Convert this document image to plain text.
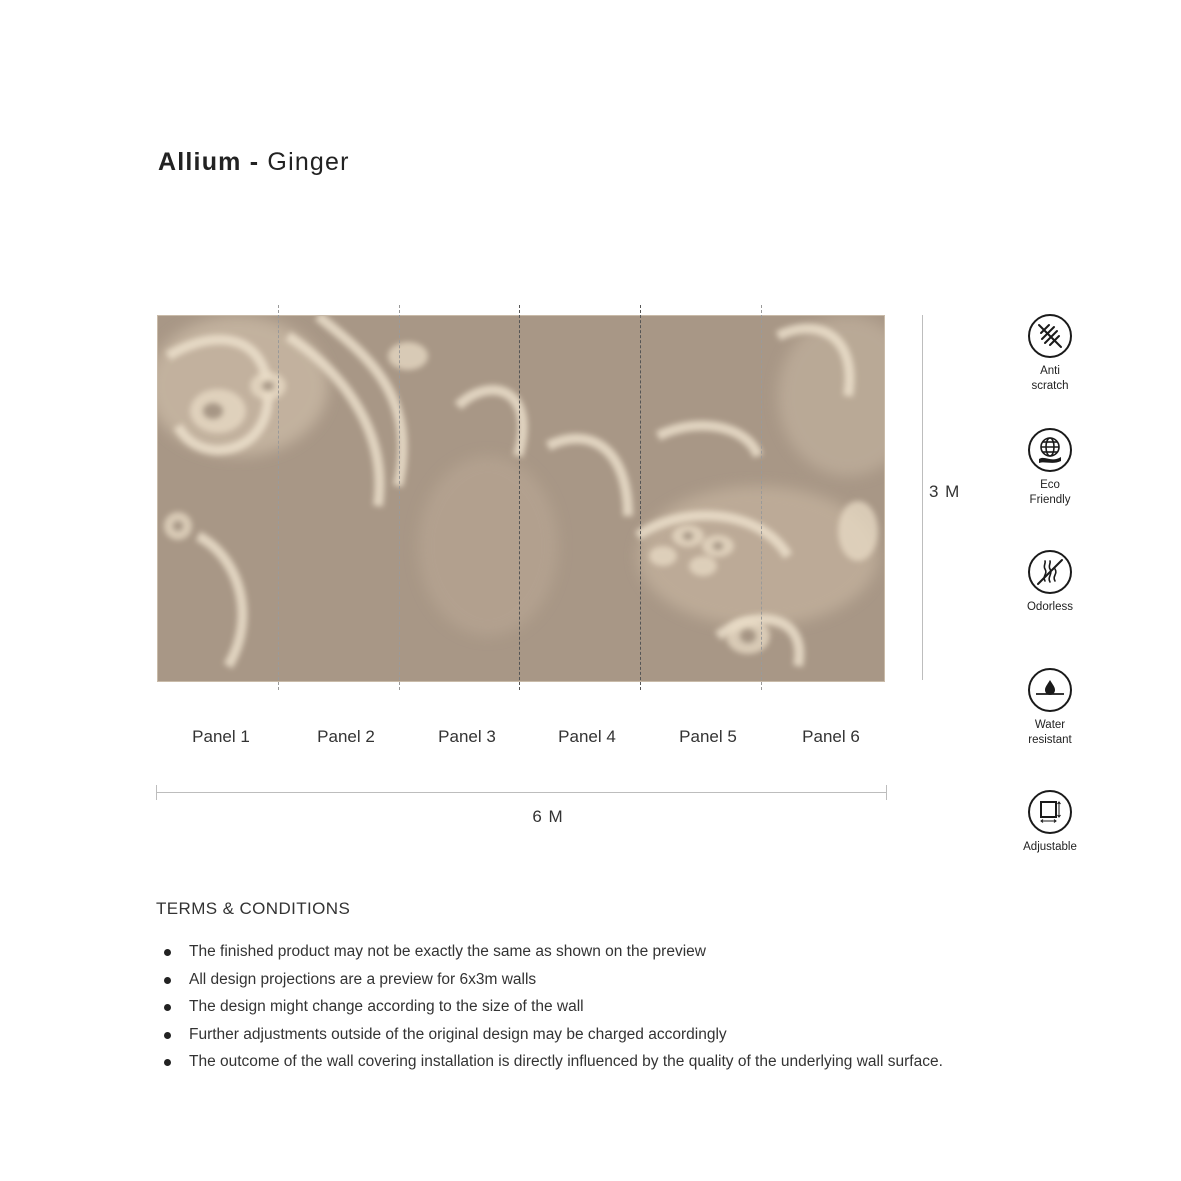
Allium - Ginger
3 M
Panel 1	Panel 2	Panel 3	Panel 4	Panel 5	Panel 6
6 M
Anti
scratch
Eco
Friendly
Odorless
Water
resistant
Adjustable
TERMS & CONDITIONS
The finished product may not be exactly the same as shown on the preview
All design projections are a preview for 6x3m walls
The design might change according to the size of the wall
Further adjustments outside of the original design may be charged accordingly
The outcome of the wall covering installation is directly influenced by the quality of the underlying wall surface.
